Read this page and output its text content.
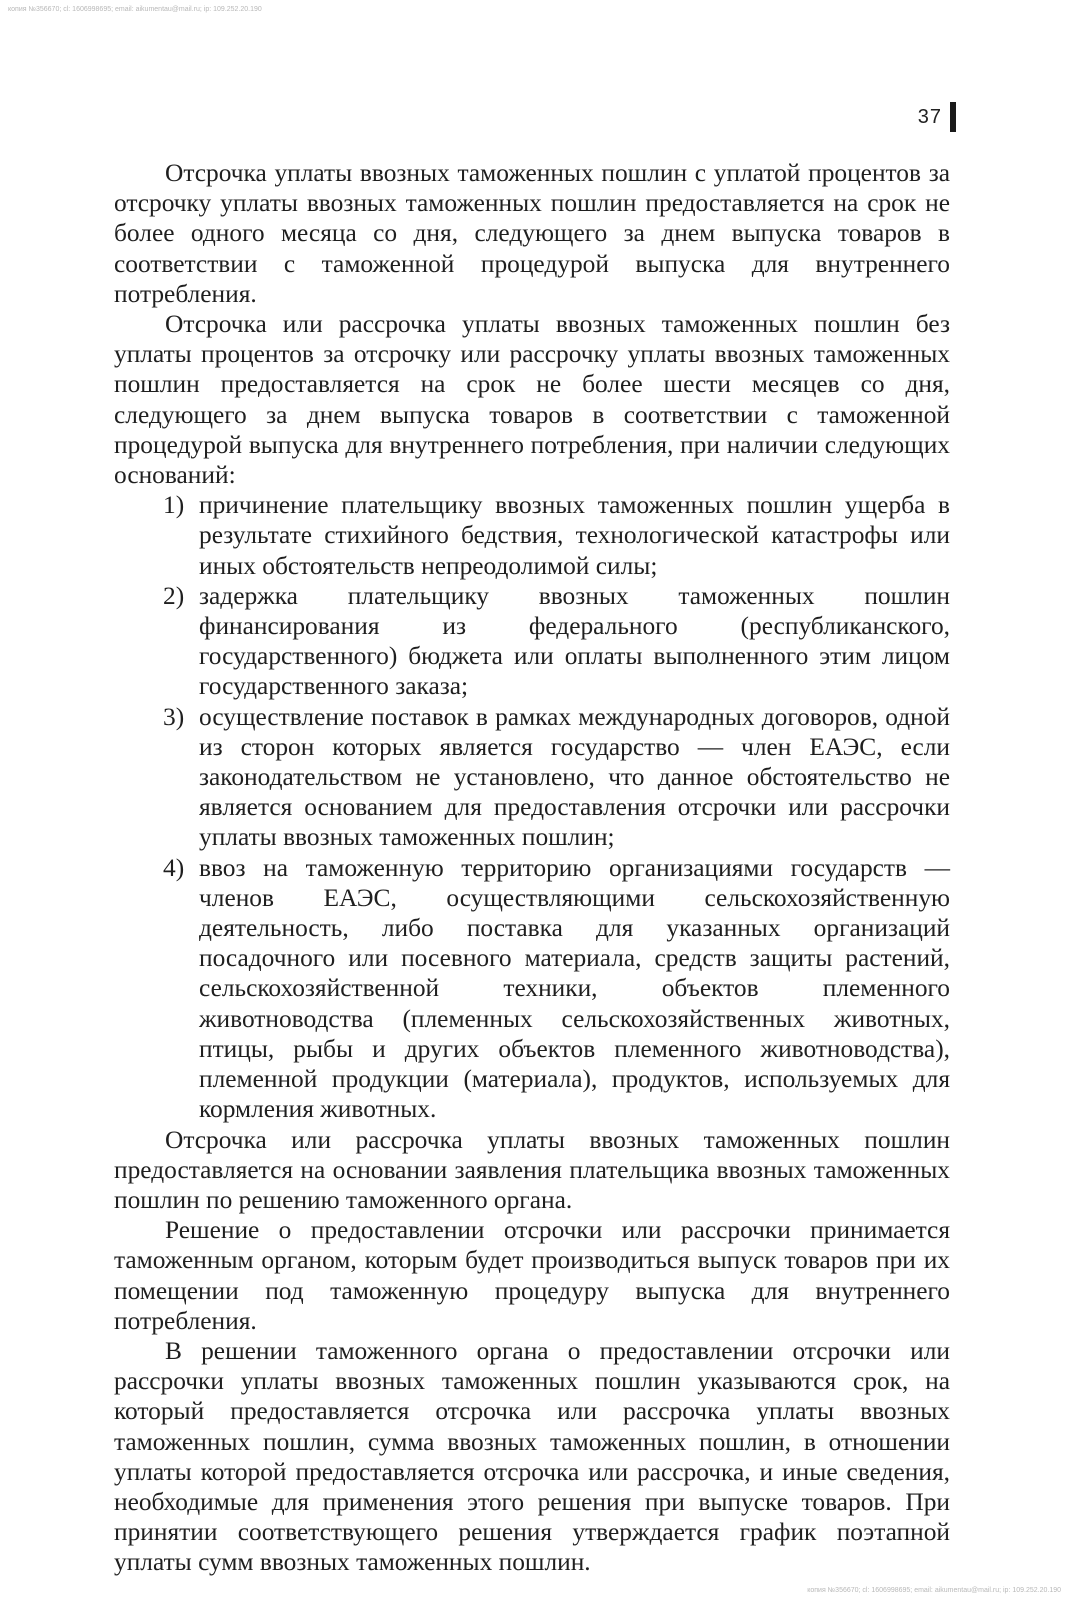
копия №356670; cl: 1606998695; email: aikumentau@mail.ru; ip: 109.252.20.190
37

Отсрочка уплаты ввозных таможенных пошлин с уплатой процентов за отсрочку уплаты ввозных таможенных пошлин предоставляется на срок не более одного месяца со дня, следующего за днем выпуска товаров в соответствии с таможенной процедурой выпуска для внутреннего потребления.

Отсрочка или рассрочка уплаты ввозных таможенных пошлин без уплаты процентов за отсрочку или рассрочку уплаты ввозных таможенных пошлин предоставляется на срок не более шести месяцев со дня, следующего за днем выпуска товаров в соответствии с таможенной процедурой выпуска для внутреннего потребления, при наличии следующих оснований:

1) причинение плательщику ввозных таможенных пошлин ущерба в результате стихийного бедствия, технологической катастрофы или иных обстоятельств непреодолимой силы;
2) задержка плательщику ввозных таможенных пошлин финансирования из федерального (республиканского, государственного) бюджета или оплаты выполненного этим лицом государственного заказа;
3) осуществление поставок в рамках международных договоров, одной из сторон которых является государство — член ЕАЭС, если законодательством не установлено, что данное обстоятельство не является основанием для предоставления отсрочки или рассрочки уплаты ввозных таможенных пошлин;
4) ввоз на таможенную территорию организациями государств — членов ЕАЭС, осуществляющими сельскохозяйственную деятельность, либо поставка для указанных организаций посадочного или посевного материала, средств защиты растений, сельскохозяйственной техники, объектов племенного животноводства (племенных сельскохозяйственных животных, птицы, рыбы и других объектов племенного животноводства), племенной продукции (материала), продуктов, используемых для кормления животных.

Отсрочка или рассрочка уплаты ввозных таможенных пошлин предоставляется на основании заявления плательщика ввозных таможенных пошлин по решению таможенного органа.

Решение о предоставлении отсрочки или рассрочки принимается таможенным органом, которым будет производиться выпуск товаров при их помещении под таможенную процедуру выпуска для внутреннего потребления.

В решении таможенного органа о предоставлении отсрочки или рассрочки уплаты ввозных таможенных пошлин указываются срок, на который предоставляется отсрочка или рассрочка уплаты ввозных таможенных пошлин, сумма ввозных таможенных пошлин, в отношении уплаты которой предоставляется отсрочка или рассрочка, и иные сведения, необходимые для применения этого решения при выпуске товаров. При принятии соответствующего решения утверждается график поэтапной уплаты сумм ввозных таможенных пошлин.

копия №356670; cl: 1606998695; email: aikumentau@mail.ru; ip: 109.252.20.190
